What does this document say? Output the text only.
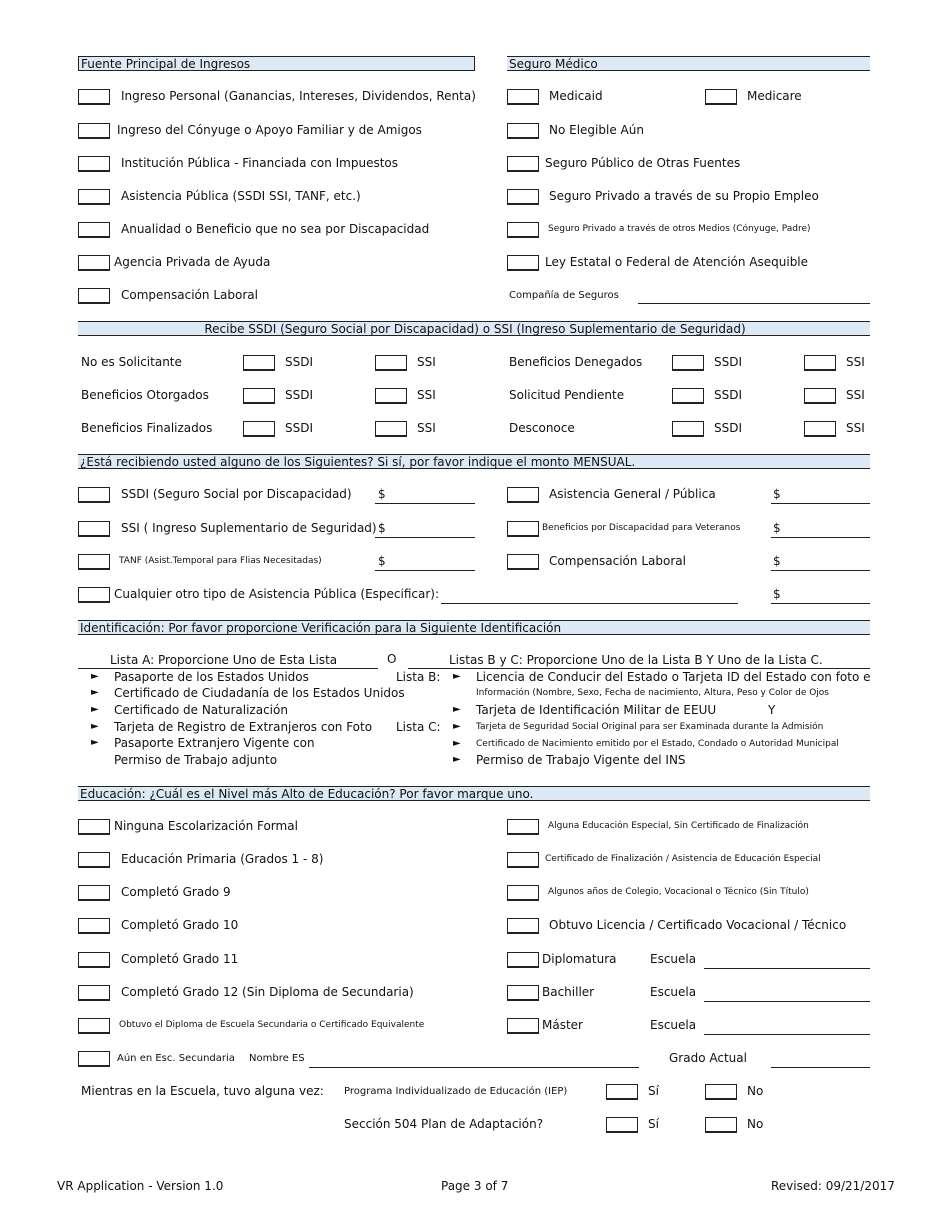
Fuente Principal de Ingresos	Seguro Médico
Ingreso Personal (Ganancias, Intereses, Dividendos, Renta)
Ingreso del Cónyuge o Apoyo Familiar y de Amigos
Institución Pública - Financiada con Impuestos
Asistencia Pública (SSDI SSI, TANF, etc.)
Anualidad o Beneficio que no sea por Discapacidad
Agencia Privada de Ayuda
Compensación Laboral
Medicaid	Medicare
No Elegible Aún
Seguro Público de Otras Fuentes
Seguro Privado a través de su Propio Empleo
Seguro Privado a través de otros Medios (Cónyuge, Padre)
Ley Estatal o Federal de Atención Asequible
Compañía de Seguros
Recibe SSDI (Seguro Social por Discapacidad) o SSI (Ingreso Suplementario de Seguridad)
No es Solicitante	SSDI	SSI	Beneficios Denegados	SSDI	SSI
Beneficios Otorgados	SSDI	SSI	Solicitud Pendiente	SSDI	SSI
Beneficios Finalizados	SSDI	SSI	Desconoce	SSDI	SSI
¿Está recibiendo usted alguno de los Siguientes? Si sí, por favor indique el monto MENSUAL.
SSDI (Seguro Social por Discapacidad) $	Asistencia General / Pública	$
SSI ( Ingreso Suplementario de Seguridad) $	Beneficios por Discapacidad para Veteranos	$
TANF (Asist.Temporal para Flias Necesitadas)	$	Compensación Laboral	$
Cualquier otro tipo de Asistencia Pública (Especificar):	$
Identificación: Por favor proporcione Verificación para la Siguiente Identificación
Lista A: Proporcione Uno de Esta Lista	O	Listas B y C: Proporcione Uno de la Lista B Y Uno de la Lista C.
► Pasaporte de los Estados Unidos
► Certificado de Ciudadanía de los Estados Unidos
► Certificado de Naturalización
► Tarjeta de Registro de Extranjeros con Foto
► Pasaporte Extranjero Vigente con
Permiso de Trabajo adjunto
► Licencia de Conducir del Estado o Tarjeta ID del Estado con foto e
Información (Nombre, Sexo, Fecha de nacimiento, Altura, Peso y Color de Ojos
► Tarjeta de Identificación Militar de EEUU
► Tarjeta de Seguridad Social Original para ser Examinada durante la Admisión
► Certificado de Nacimiento emitido por el Estado, Condado o Autoridad Municipal
► Permiso de Trabajo Vigente del INS
Lista B:
Lista C:
Y
Educación: ¿Cuál es el Nivel más Alto de Educación? Por favor marque uno.
Ninguna Escolarización Formal
Educación Primaria (Grados 1 - 8)
Completó Grado 9
Completó Grado 10
Completó Grado 11
Completó Grado 12 (Sin Diploma de Secundaria)
Obtuvo el Diploma de Escuela Secundaria o Certificado Equivalente
Alguna Educación Especial, Sin Certificado de Finalización
Certificado de Finalización / Asistencia de Educación Especial
Algunos años de Colegio, Vocacional o Técnico (Sin Título)
Obtuvo Licencia / Certificado Vocacional / Técnico
Diplomatura	Escuela
Bachiller	Escuela
Máster	Escuela
Aún en Esc. Secundaria Nombre ES	Grado Actual
Mientras en la Escuela, tuvo alguna vez: Programa Individualizado de Educación (IEP)	Sí	No
Sección 504 Plan de Adaptación?	Sí	No
VR Application - Version 1.0	Page 3 of 7	Revised: 09/21/2017
